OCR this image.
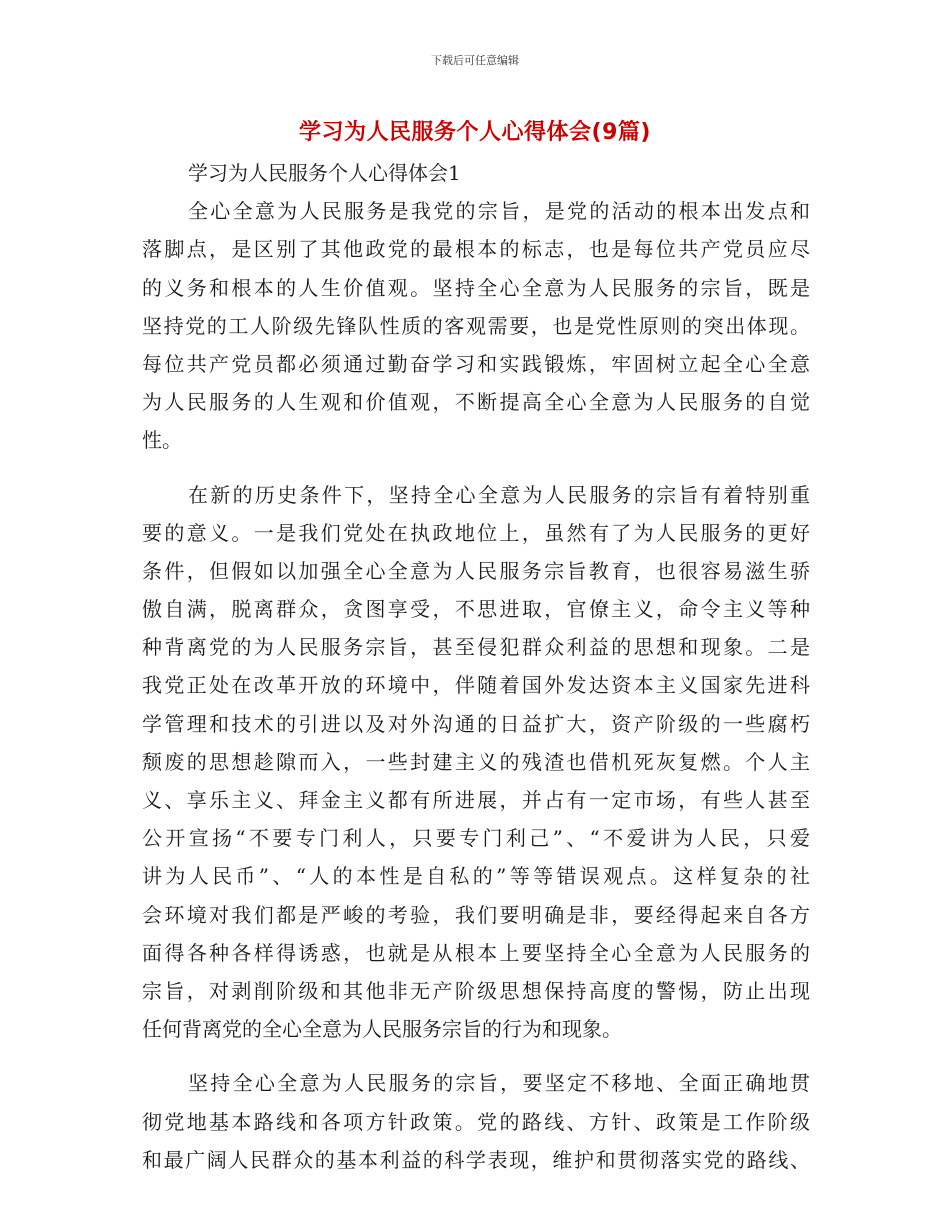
下载后可任意编辑
学习为人民服务个人心得体会(9篇)
学习为人民服务个人心得体会1
全心全意为人民服务是我党的宗旨，是党的活动的根本出发点和
落脚点，是区别了其他政党的最根本的标志，也是每位共产党员应尽
的义务和根本的人生价值观。坚持全心全意为人民服务的宗旨，既是
坚持党的工人阶级先锋队性质的客观需要，也是党性原则的突出体现。
每位共产党员都必须通过勤奋学习和实践锻炼，牢固树立起全心全意
为人民服务的人生观和价值观，不断提高全心全意为人民服务的自觉
性。
在新的历史条件下，坚持全心全意为人民服务的宗旨有着特别重
要的意义。一是我们党处在执政地位上，虽然有了为人民服务的更好
条件，但假如以加强全心全意为人民服务宗旨教育，也很容易滋生骄
傲自满，脱离群众，贪图享受，不思进取，官僚主义，命令主义等种
种背离党的为人民服务宗旨，甚至侵犯群众利益的思想和现象。二是
我党正处在改革开放的环境中，伴随着国外发达资本主义国家先进科
学管理和技术的引进以及对外沟通的日益扩大，资产阶级的一些腐朽
颓废的思想趁隙而入，一些封建主义的残渣也借机死灰复燃。个人主
义、享乐主义、拜金主义都有所进展，并占有一定市场，有些人甚至
公开宣扬“不要专门利人，只要专门利己”、“不爱讲为人民，只爱
讲为人民币”、“人的本性是自私的”等等错误观点。这样复杂的社
会环境对我们都是严峻的考验，我们要明确是非，要经得起来自各方
面得各种各样得诱惑，也就是从根本上要坚持全心全意为人民服务的
宗旨，对剥削阶级和其他非无产阶级思想保持高度的警惕，防止出现
任何背离党的全心全意为人民服务宗旨的行为和现象。
坚持全心全意为人民服务的宗旨，要坚定不移地、全面正确地贯
彻党地基本路线和各项方针政策。党的路线、方针、政策是工作阶级
和最广阔人民群众的基本利益的科学表现，维护和贯彻落实党的路线、
